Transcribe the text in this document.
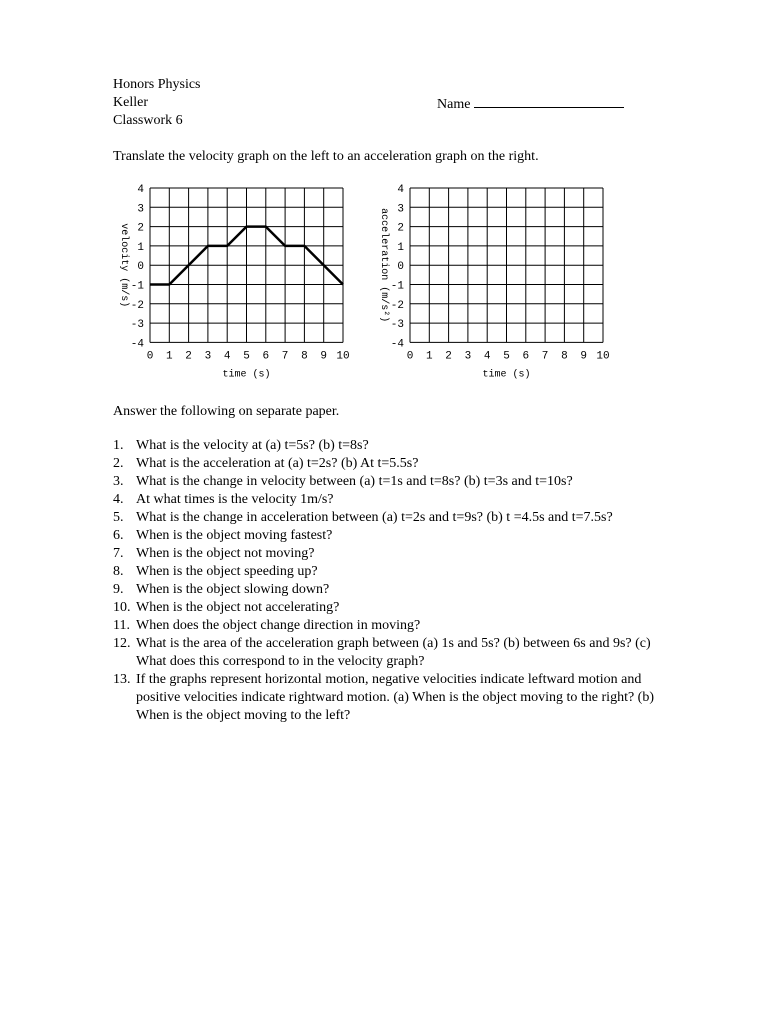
Honors Physics
Keller
Classwork 6

Name

Translate the velocity graph on the left to an acceleration graph on the right.
4
3
2
1
0
-1
-2
-3
-4
0 1 2 3 4 5 6 7 8 9 10
time (s)
velocity (m/s)
4
3
2
1
0
-1
-2
-3
-4
0 1 2 3 4 5 6 7 8 9 10
time (s)
acceleration (m/s²)
Answer the following on separate paper.
1. What is the velocity at (a) t=5s? (b) t=8s?
2. What is the acceleration at (a) t=2s? (b) At t=5.5s?
3. What is the change in velocity between (a) t=1s and t=8s? (b) t=3s and t=10s?
4. At what times is the velocity 1m/s?
5. What is the change in acceleration between (a) t=2s and t=9s? (b) t =4.5s and t=7.5s?
6. When is the object moving fastest?
7. When is the object not moving?
8. When is the object speeding up?
9. When is the object slowing down?
10. When is the object not accelerating?
11. When does the object change direction in moving?
12. What is the area of the acceleration graph between (a) 1s and 5s? (b) between 6s and 9s? (c) What does this correspond to in the velocity graph?
13. If the graphs represent horizontal motion, negative velocities indicate leftward motion and positive velocities indicate rightward motion. (a) When is the object moving to the right? (b) When is the object moving to the left?
